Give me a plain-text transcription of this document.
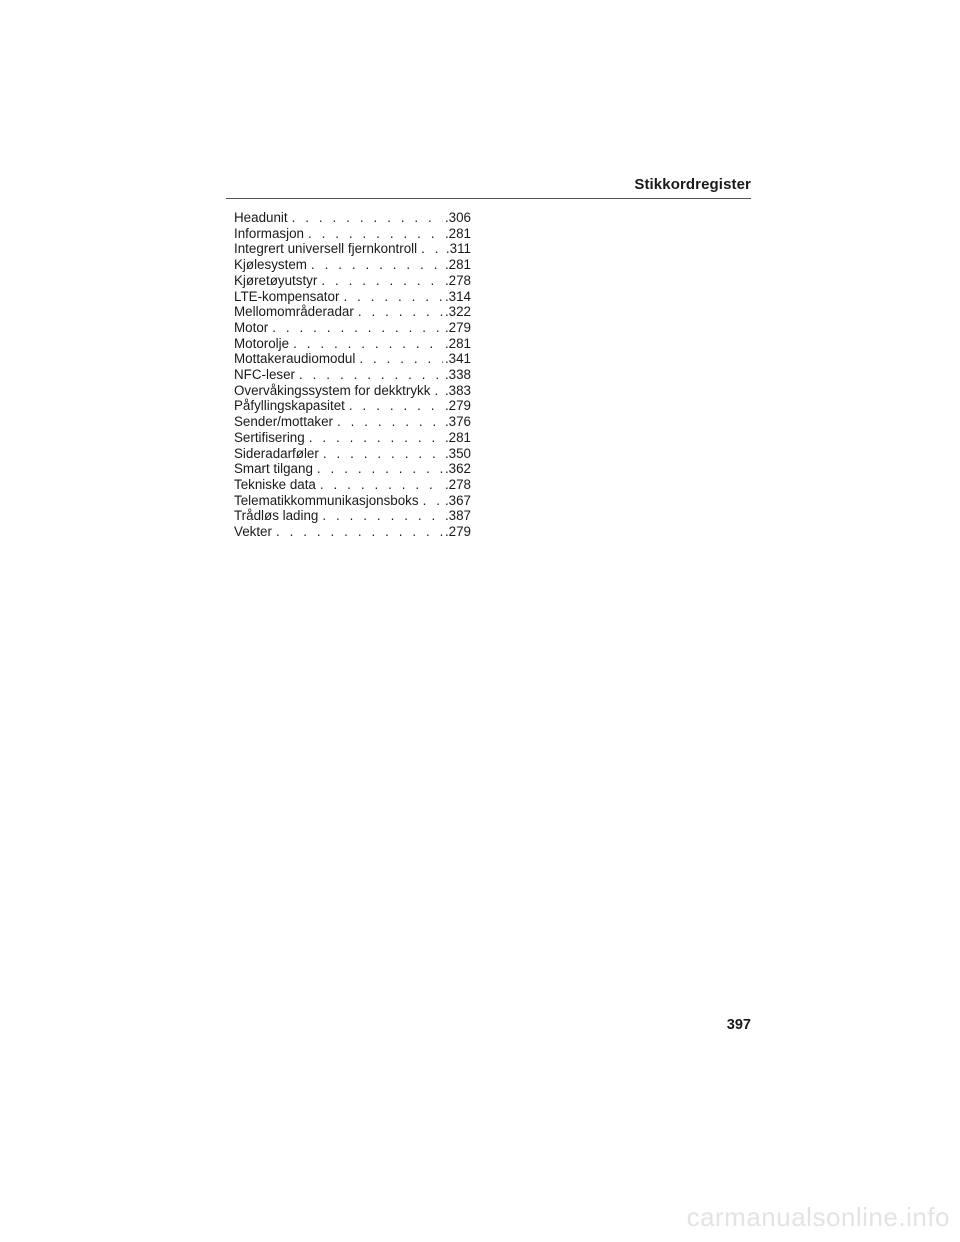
Stikkordregister
Headunit . . .	.306
Informasjon . . .	.281
Integrert universell fjernkontroll . . . .311
Kjølesystem . . .	.281
Kjøretøyutstyr . . .	.278
LTE-kompensator . . .	.314
Mellomområderadar . . .	.322
Motor . . .	.279
Motorolje . . .	.281
Mottakeraudiomodul . . .	.341
NFC-leser . . .	.338
Overvåkingssystem for dekktrykk . . . .383
Påfyllingskapasitet . . .	.279
Sender/mottaker . . .	.376
Sertifisering . . .	.281
Sideradarføler . . .	.350
Smart tilgang . . .	.362
Tekniske data . . .	.278
Telematikkommunikasjonsboks . . . .367
Trådløs lading . . .	.387
Vekter . . .	.279
397
carmanualsonline.info
